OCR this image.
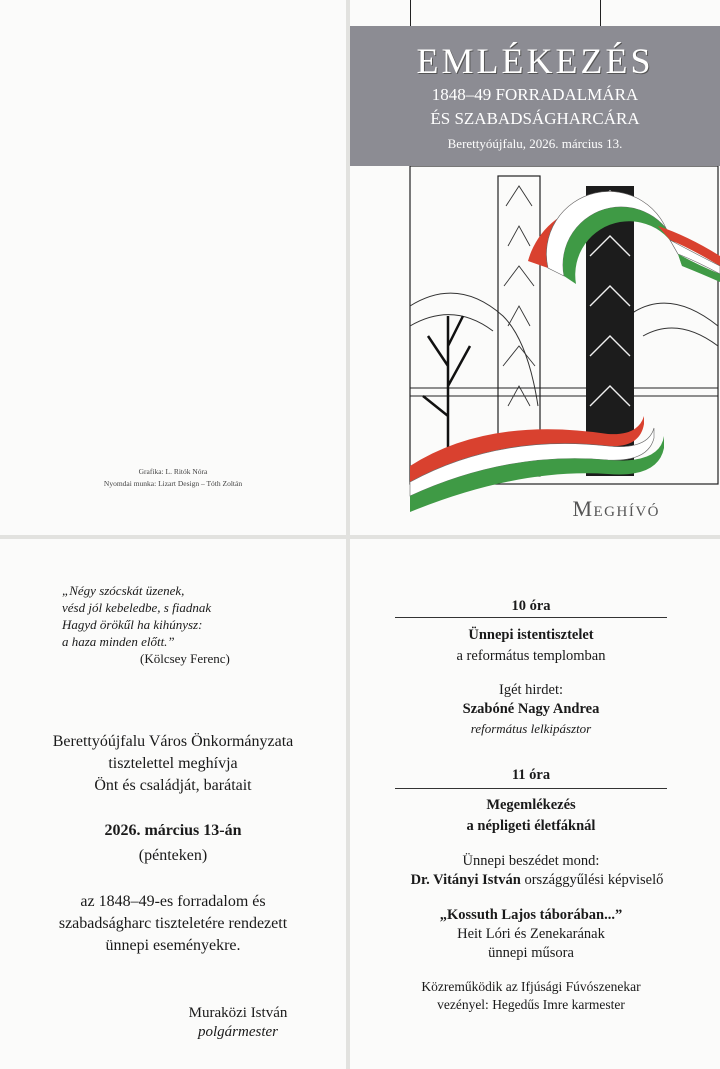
Grafika: L. Ritók Nóra
Nyomdai munka: Lizart Design – Tóth Zoltán
EMLÉKEZÉS
1848–49 FORRADALMÁRA
ÉS SZABADSÁGHARCÁRA
Berettyóújfalu, 2026. március 13.
Meghívó
„Négy szócskát üzenek,
vésd jól kebeledbe, s fiadnak
Hagyd örökűl ha kihúnysz:
a haza minden előtt.”
(Kölcsey Ferenc)
Berettyóújfalu Város Önkormányzata
tisztelettel meghívja
Önt és családját, barátait
2026. március 13-án
(pénteken)
az 1848–49-es forradalom és
szabadságharc tiszteletére rendezett
ünnepi eseményekre.
Muraközi István
polgármester
10 óra
Ünnepi istentisztelet
a református templomban
Igét hirdet:
Szabóné Nagy Andrea
református lelkipásztor
11 óra
Megemlékezés
a népligeti életfáknál
Ünnepi beszédet mond:
Dr. Vitányi István országgyűlési képviselő
„Kossuth Lajos táborában...”
Heit Lóri és Zenekarának
ünnepi műsora
Közreműködik az Ifjúsági Fúvószenekar
vezényel: Hegedűs Imre karmester
